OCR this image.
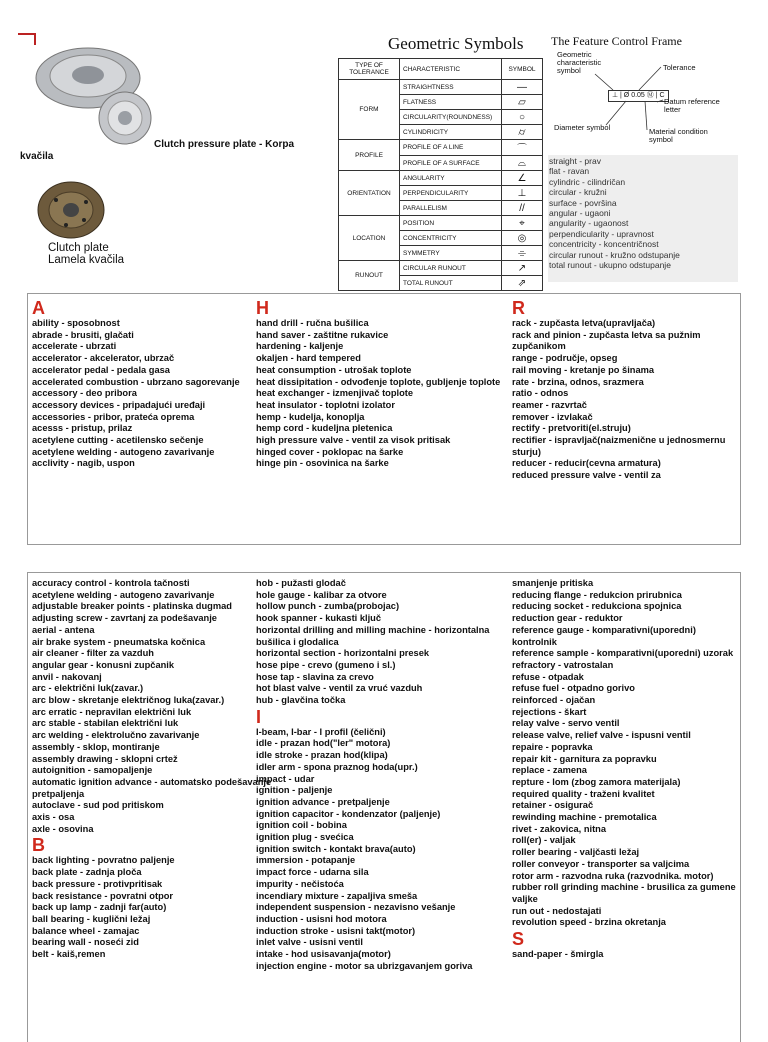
Clutch pressure plate - Korpa
kvačila
Clutch plate
Lamela kvačila
Geometric Symbols
TYPE OF TOLERANCE	CHARACTERISTIC	SYMBOL
FORM	STRAIGHTNESS	—
	FLATNESS	▱
	CIRCULARITY(ROUNDNESS)	○
	CYLINDRICITY	⌭
PROFILE	PROFILE OF A LINE	⌒
	PROFILE OF A SURFACE	⌓
ORIENTATION	ANGULARITY	∠
	PERPENDICULARITY	⊥
	PARALLELISM	//
LOCATION	POSITION	⌖
	CONCENTRICITY	◎
	SYMMETRY	⌯
RUNOUT	CIRCULAR RUNOUT	↗
	TOTAL RUNOUT	⇗
The Feature Control Frame
Geometric characteristic symbol	Tolerance
⊥ | Ø 0.05 Ⓜ | C
Datum reference letter
Diameter symbol	Material condition symbol
straight - prav
flat - ravan
cylindric - cilindričan
circular - kružni
surface - površina
angular - ugaoni
angularity - ugaonost
perpendicularity - upravnost
concentricity - koncentričnost
circular runout - kružno odstupanje
total runout - ukupno odstupanje
A
ability - sposobnost
abrade - brusiti, glačati
accelerate - ubrzati
accelerator - akcelerator, ubrzač
accelerator pedal - pedala gasa
accelerated combustion - ubrzano sagorevanje
accessory - deo pribora
accessory devices - pripadajući uređaji
accessories - pribor, prateća oprema
acesss - pristup, prilaz
acetylene cutting - acetilensko sečenje
acetylene welding - autogeno zavarivanje
acclivity - nagib, uspon
H
hand drill - ručna bušilica
hand saver - zaštitne rukavice
hardening - kaljenje
okaljen - hard tempered
heat consumption - utrošak toplote
heat dissipitation - odvođenje toplote, gubljenje toplote
heat exchanger - izmenjivač toplote
heat insulator - toplotni izolator
hemp - kudelja, konoplja
hemp cord - kudeljna pletenica
high pressure valve - ventil za visok pritisak
hinged cover - poklopac na šarke
hinge pin - osovinica na šarke
R
rack - zupčasta letva(upravljača)
rack and pinion - zupčasta letva sa pužnim zupčanikom
range - područje, opseg
rail moving - kretanje po šinama
rate - brzina, odnos, srazmera
ratio - odnos
reamer - razvrtač
remover - izvlakač
rectify - pretvoriti(el.struju)
rectifier - ispravljač(naizmenične u jednosmernu sturju)
reducer - reducir(cevna armatura)
reduced pressure valve - ventil za
accuracy control - kontrola tačnosti
acetylene welding - autogeno zavarivanje
adjustable breaker points - platinska dugmad
adjusting screw - zavrtanj za podešavanje
aerial - antena
air brake system - pneumatska kočnica
air cleaner - filter za vazduh
angular gear - konusni zupčanik
anvil - nakovanj
arc - električni luk(zavar.)
arc blow - skretanje električnog luka(zavar.)
arc erratic - nepravilan električni luk
arc stable - stabilan električni luk
arc welding - elektrolučno zavarivanje
assembly - sklop, montiranje
assembly drawing - sklopni crtež
autoignition - samopaljenje
automatic ignition advance - automatsko podešavanje pretpaljenja
autoclave - sud pod pritiskom
axis - osa
axle - osovina
B
back lighting - povratno paljenje
back plate - zadnja ploča
back pressure - protivpritisak
back resistance - povratni otpor
back up lamp - zadnji far(auto)
ball bearing - kuglični ležaj
balance wheel - zamajac
bearing wall - noseći zid
belt - kaiš,remen
hob - pužasti glodač
hole gauge - kalibar za otvore
hollow punch - zumba(probojac)
hook spanner - kukasti ključ
horizontal drilling and milling machine - horizontalna bušilica i glodalica
horizontal section - horizontalni presek
hose pipe - crevo (gumeno i sl.)
hose tap - slavina za crevo
hot blast valve - ventil za vruć vazduh
hub - glavčina točka
I
I-beam, I-bar - I profil (čelični)
idle - prazan hod("ler" motora)
idle stroke - prazan hod(klipa)
idler arm - spona praznog hoda(upr.)
impact - udar
ignition - paljenje
ignition advance - pretpaljenje
ignition capacitor - kondenzator (paljenje)
ignition coil - bobina
ignition plug - svećica
ignition switch - kontakt brava(auto)
immersion - potapanje
impact force - udarna sila
impurity - nečistoća
incendiary mixture - zapaljiva smeša
independent suspension - nezavisno vešanje
induction - usisni hod motora
induction stroke - usisni takt(motor)
inlet valve - usisni ventil
intake - hod usisavanja(motor)
injection engine - motor sa ubrizgavanjem goriva
smanjenje pritiska
reducing flange - redukcion prirubnica
reducing socket - redukciona spojnica
reduction gear - reduktor
reference gauge - komparativni(uporedni) kontrolnik
reference sample - komparativni(uporedni) uzorak
refractory - vatrostalan
refuse - otpadak
refuse fuel - otpadno gorivo
reinforced - ojačan
rejections - škart
relay valve - servo ventil
release valve, relief valve - ispusni ventil
repaire - popravka
repair kit - garnitura za popravku
replace - zamena
repture - lom (zbog zamora materijala)
required quality - traženi kvalitet
retainer - osigurač
rewinding machine - premotalica
rivet - zakovica, nitna
roll(er) - valjak
roller bearing - valjčasti ležaj
roller conveyor - transporter sa valjcima
rotor arm - razvodna ruka (razvodnika. motor)
rubber roll grinding machine - brusilica za gumene valjke
run out - nedostajati
revolution speed - brzina okretanja
S
sand-paper - šmirgla
